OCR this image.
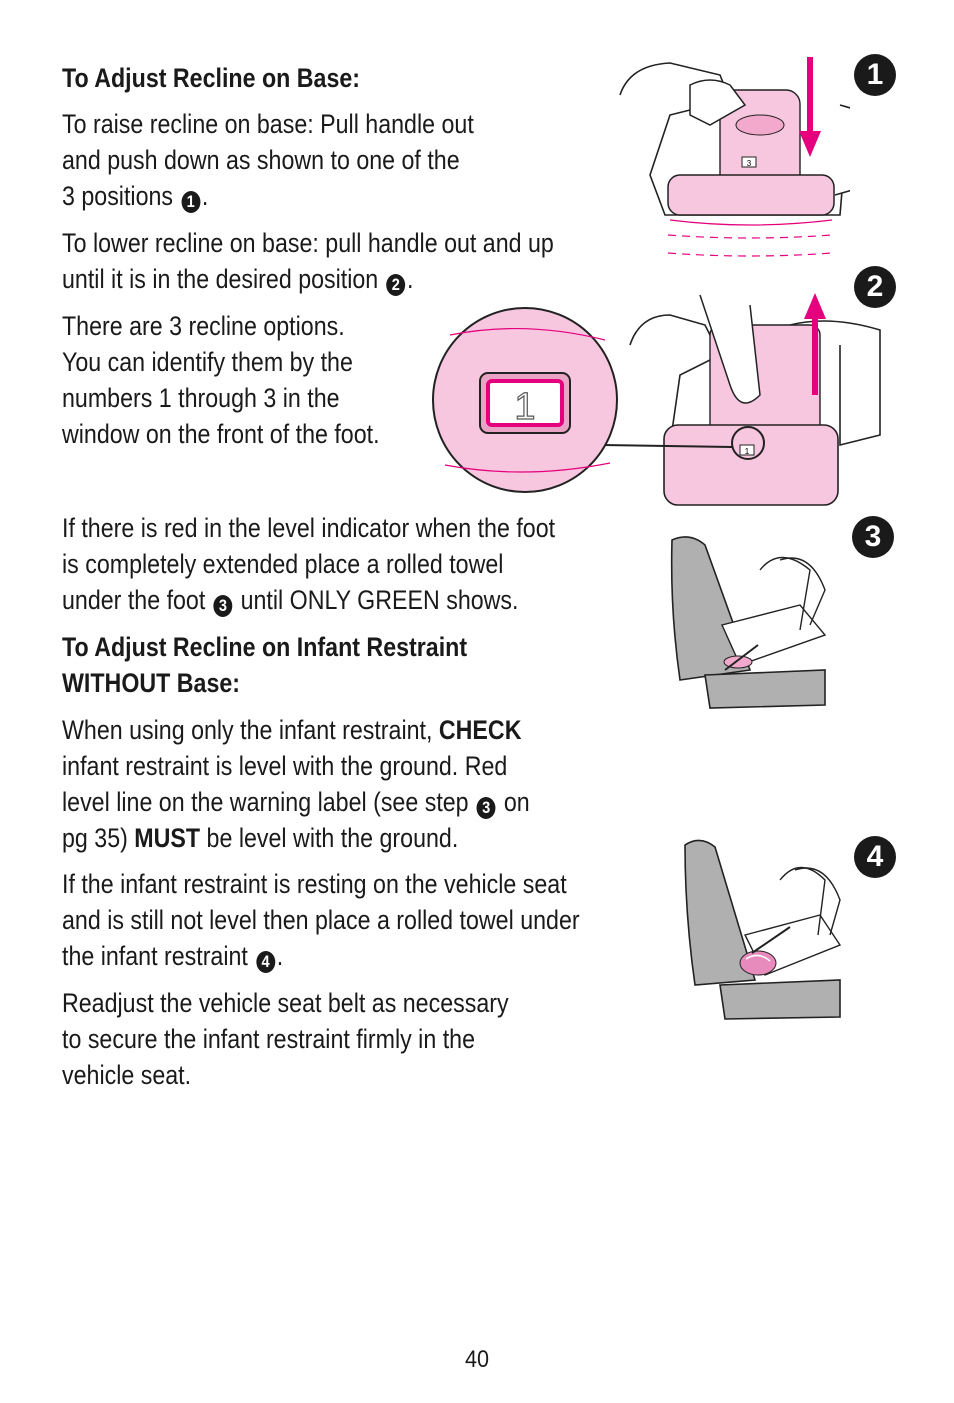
To Adjust Recline on Base:

To raise recline on base: Pull handle out

and push down as shown to one of the

3 positions 1 .

To lower recline on base: pull handle out and up

until it is in the desired position 2 .

There are 3 recline options.

You can identify them by the

numbers 1 through 3 in the

window on the front of the foot.

If there is red in the level indicator when the foot

is completely extended place a rolled towel

under the foot 3 until ONLY GREEN shows.

To Adjust Recline on Infant Restraint

WITHOUT Base:

When using only the infant restraint, CHECK

infant restraint is level with the ground. Red

level line on the warning label (see step 3 on

pg 35) MUST be level with the ground.

If the infant restraint is resting on the vehicle seat

and is still not level then place a rolled towel under

the infant restraint 4 .

Readjust the vehicle seat belt as necessary

to secure the infant restraint firmly in the

vehicle seat.

1
2
3
4
3
1
1
40
